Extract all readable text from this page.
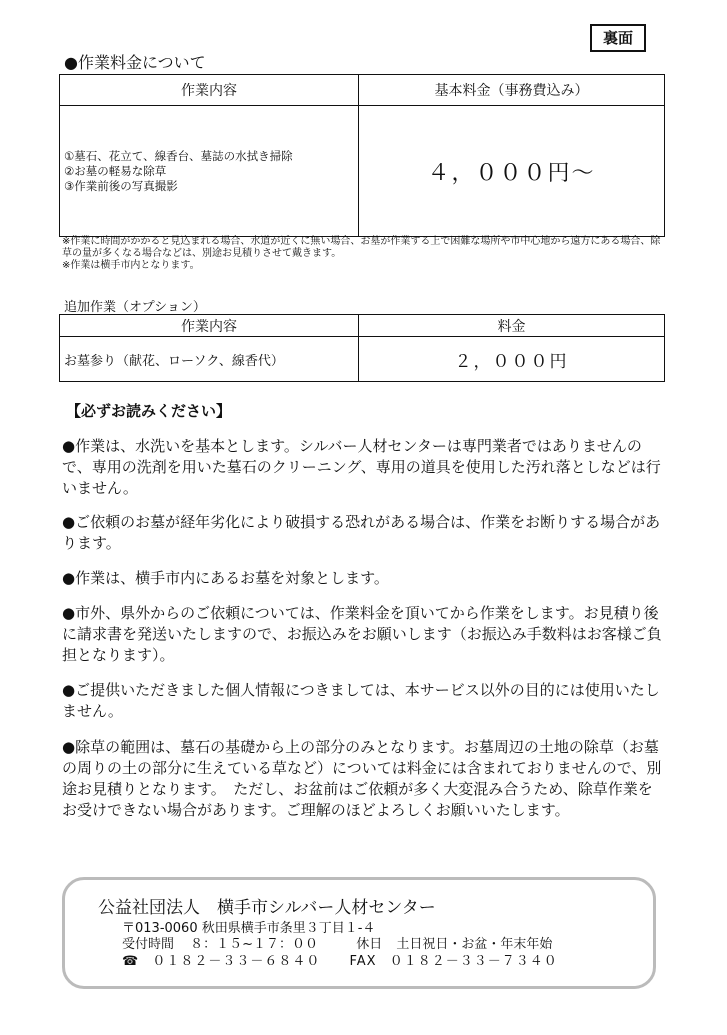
裏面
●作業料金について
作業内容	基本料金（事務費込み）

①墓石、花立て、線香台、墓誌の水拭き掃除
②お墓の軽易な除草
③作業前後の写真撮影	４，０００円～
※作業に時間がかかると見込まれる場合、水道が近くに無い場合、お墓が作業する上で困難な場所や市中心地から遠方にある場合、除草の量が多くなる場合などは、別途お見積りさせて戴きます。
※作業は横手市内となります。
追加作業（オプション）
作業内容	料金
お墓参り（献花、ローソク、線香代）	２，０００円
【必ずお読みください】
●作業は、水洗いを基本とします。シルバー人材センターは専門業者ではありませんので、専用の洗剤を用いた墓石のクリーニング、専用の道具を使用した汚れ落としなどは行いません。
●ご依頼のお墓が経年劣化により破損する恐れがある場合は、作業をお断りする場合があります。
●作業は、横手市内にあるお墓を対象とします。
●市外、県外からのご依頼については、作業料金を頂いてから作業をします。お見積り後に請求書を発送いたしますので、お振込みをお願いします（お振込み手数料はお客様ご負担となります）。
●ご提供いただきました個人情報につきましては、本サービス以外の目的には使用いたしません。
●除草の範囲は、墓石の基礎から上の部分のみとなります。お墓周辺の土地の除草（お墓の周りの土の部分に生えている草など）については料金には含まれておりませんので、別途お見積りとなります。　ただし、お盆前はご依頼が多く大変混み合うため、除草作業をお受けできない場合があります。ご理解のほどよろしくお願いいたします。
公益社団法人　横手市シルバー人材センター
〒013-0060 秋田県横手市条里３丁目１-４
受付時間 ８：１５~１７：００	休日 土日祝日・お盆・年末年始
☎ ０１８２－３３－６８４０ FAX ０１８２－３３－７３４０
